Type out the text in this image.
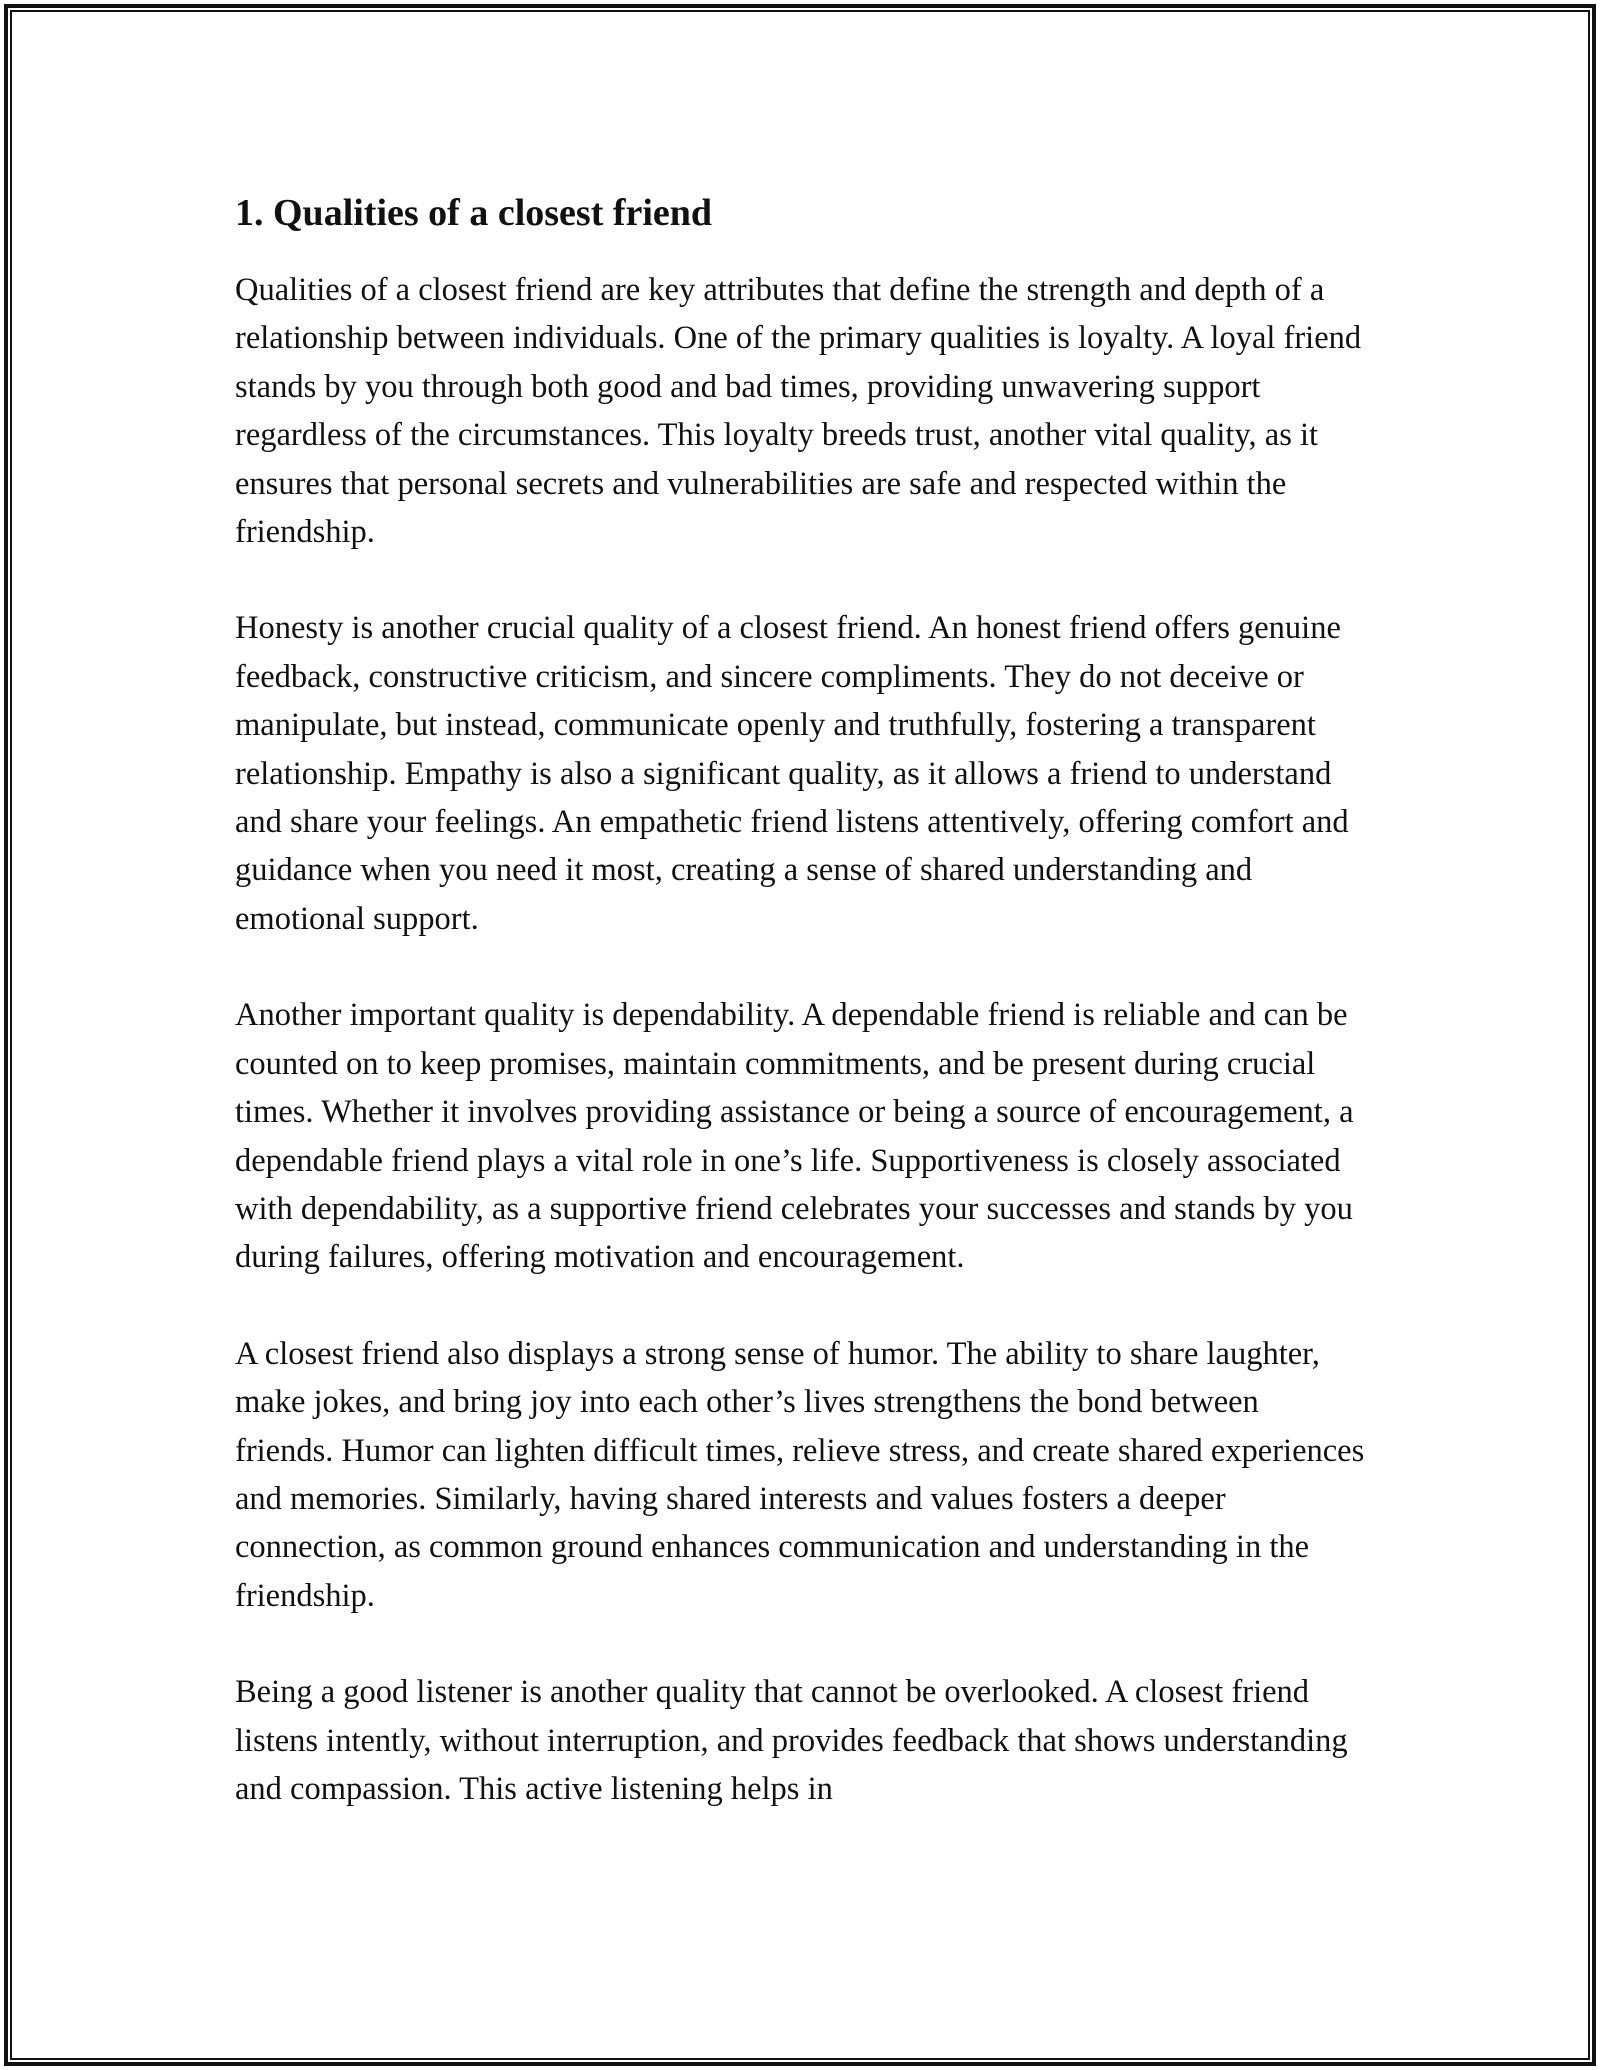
1. Qualities of a closest friend

Qualities of a closest friend are key attributes that define the strength and depth of a relationship between individuals. One of the primary qualities is loyalty. A loyal friend stands by you through both good and bad times, providing unwavering support regardless of the circumstances. This loyalty breeds trust, another vital quality, as it ensures that personal secrets and vulnerabilities are safe and respected within the friendship.

Honesty is another crucial quality of a closest friend. An honest friend offers genuine feedback, constructive criticism, and sincere compliments. They do not deceive or manipulate, but instead, communicate openly and truthfully, fostering a transparent relationship. Empathy is also a significant quality, as it allows a friend to understand and share your feelings. An empathetic friend listens attentively, offering comfort and guidance when you need it most, creating a sense of shared understanding and emotional support.

Another important quality is dependability. A dependable friend is reliable and can be counted on to keep promises, maintain commitments, and be present during crucial times. Whether it involves providing assistance or being a source of encouragement, a dependable friend plays a vital role in one’s life. Supportiveness is closely associated with dependability, as a supportive friend celebrates your successes and stands by you during failures, offering motivation and encouragement.

A closest friend also displays a strong sense of humor. The ability to share laughter, make jokes, and bring joy into each other’s lives strengthens the bond between friends. Humor can lighten difficult times, relieve stress, and create shared experiences and memories. Similarly, having shared interests and values fosters a deeper connection, as common ground enhances communication and understanding in the friendship.

Being a good listener is another quality that cannot be overlooked. A closest friend listens intently, without interruption, and provides feedback that shows understanding and compassion. This active listening helps in
